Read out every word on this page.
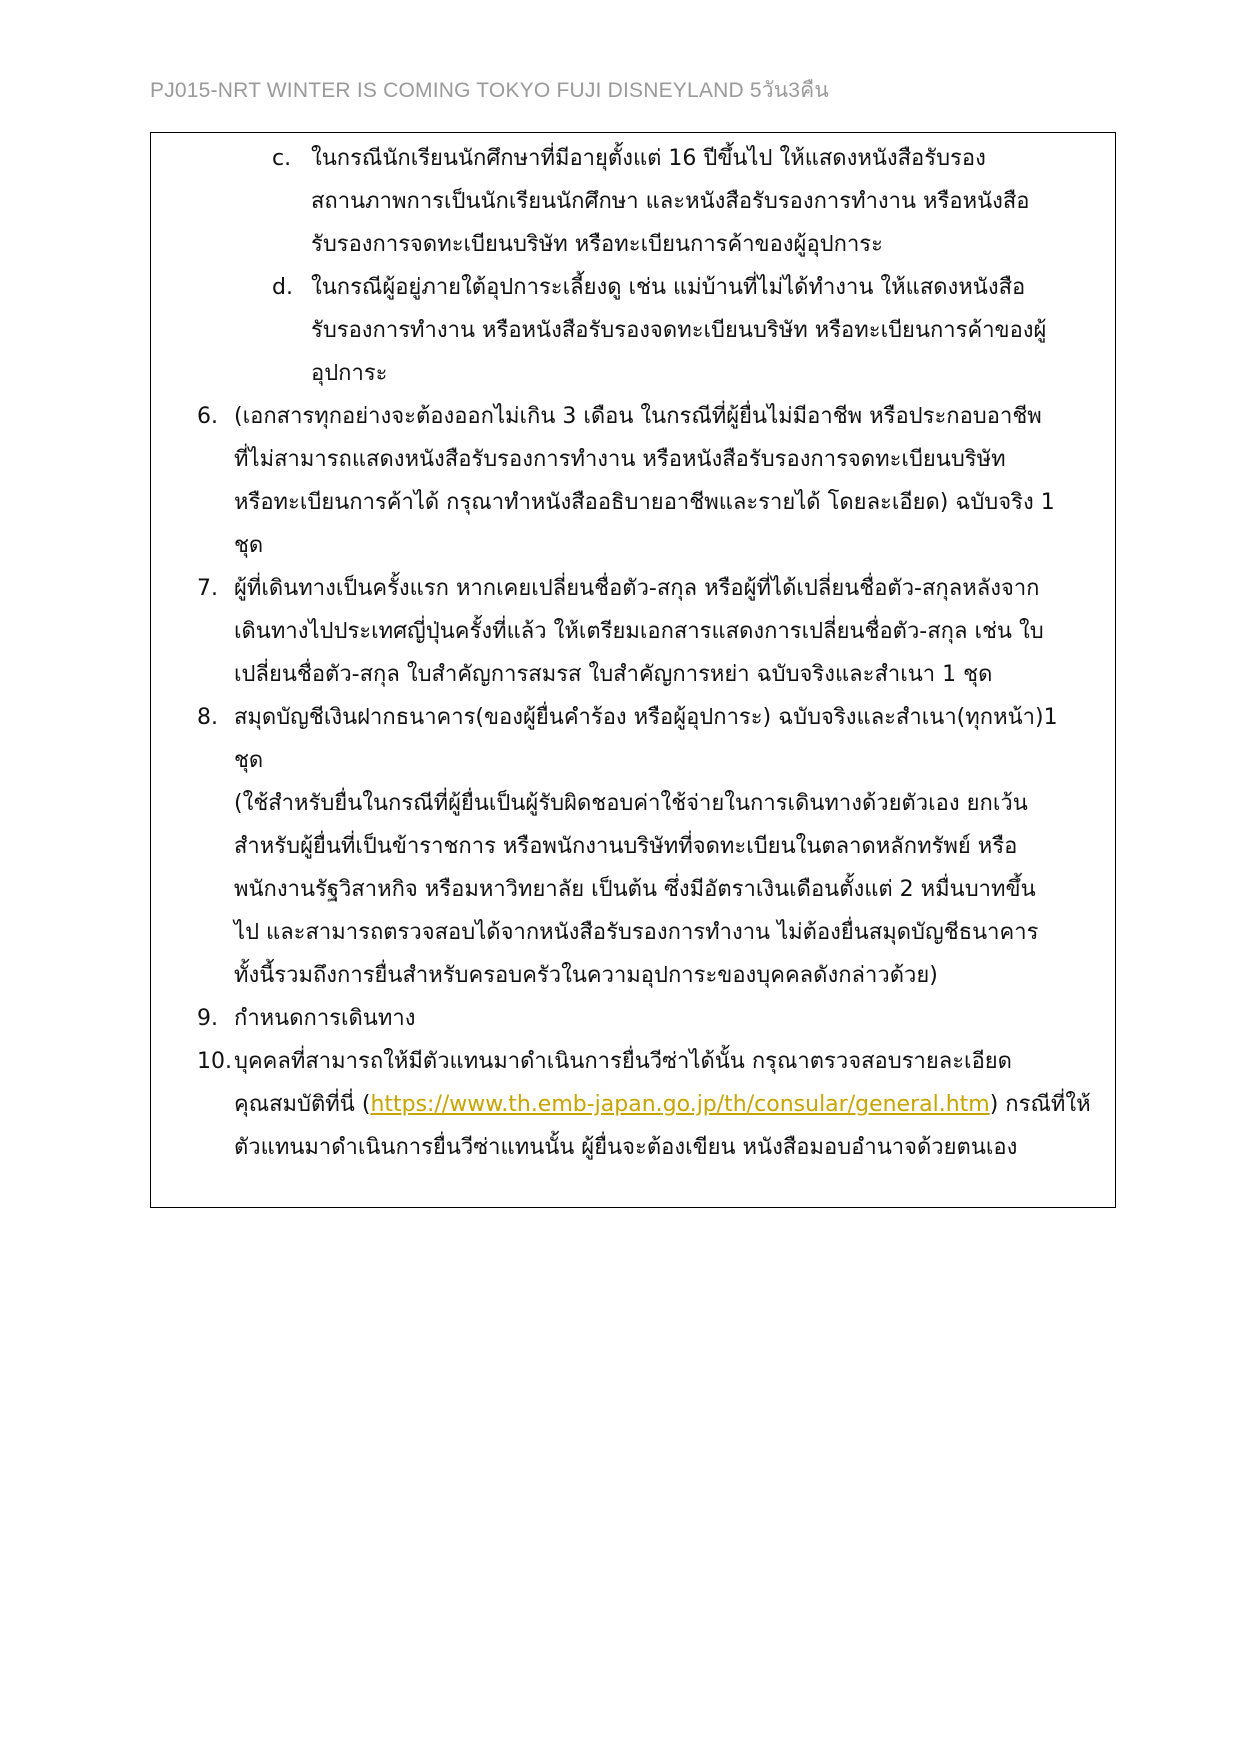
PJ015-NRT WINTER IS COMING TOKYO FUJI DISNEYLAND 5วัน3คืน
c. ในกรณีนักเรียนนักศึกษาที่มีอายุตั้งแต่ 16 ปีขึ้นไป ให้แสดงหนังสือรับรอง
สถานภาพการเป็นนักเรียนนักศึกษา และหนังสือรับรองการทำงาน หรือหนังสือ
รับรองการจดทะเบียนบริษัท หรือทะเบียนการค้าของผู้อุปการะ
d. ในกรณีผู้อยู่ภายใต้อุปการะเลี้ยงดู เช่น แม่บ้านที่ไม่ได้ทำงาน ให้แสดงหนังสือ
รับรองการทำงาน หรือหนังสือรับรองจดทะเบียนบริษัท หรือทะเบียนการค้าของผู้
อุปการะ
6. (เอกสารทุกอย่างจะต้องออกไม่เกิน 3 เดือน ในกรณีที่ผู้ยื่นไม่มีอาชีพ หรือประกอบอาชีพ
ที่ไม่สามารถแสดงหนังสือรับรองการทำงาน หรือหนังสือรับรองการจดทะเบียนบริษัท
หรือทะเบียนการค้าได้ กรุณาทำหนังสืออธิบายอาชีพและรายได้ โดยละเอียด) ฉบับจริง 1
ชุด
7. ผู้ที่เดินทางเป็นครั้งแรก หากเคยเปลี่ยนชื่อตัว-สกุล หรือผู้ที่ได้เปลี่ยนชื่อตัว-สกุลหลังจาก
เดินทางไปประเทศญี่ปุ่นครั้งที่แล้ว ให้เตรียมเอกสารแสดงการเปลี่ยนชื่อตัว-สกุล เช่น ใบ
เปลี่ยนชื่อตัว-สกุล ใบสำคัญการสมรส ใบสำคัญการหย่า ฉบับจริงและสำเนา 1 ชุด
8. สมุดบัญชีเงินฝากธนาคาร(ของผู้ยื่นคำร้อง หรือผู้อุปการะ) ฉบับจริงและสำเนา(ทุกหน้า)1
ชุด
(ใช้สำหรับยื่นในกรณีที่ผู้ยื่นเป็นผู้รับผิดชอบค่าใช้จ่ายในการเดินทางด้วยตัวเอง ยกเว้น
สำหรับผู้ยื่นที่เป็นข้าราชการ หรือพนักงานบริษัทที่จดทะเบียนในตลาดหลักทรัพย์ หรือ
พนักงานรัฐวิสาหกิจ หรือมหาวิทยาลัย เป็นต้น ซึ่งมีอัตราเงินเดือนตั้งแต่ 2 หมื่นบาทขึ้น
ไป และสามารถตรวจสอบได้จากหนังสือรับรองการทำงาน ไม่ต้องยื่นสมุดบัญชีธนาคาร
ทั้งนี้รวมถึงการยื่นสำหรับครอบครัวในความอุปการะของบุคคลดังกล่าวด้วย)
9. กำหนดการเดินทาง
10. บุคคลที่สามารถให้มีตัวแทนมาดำเนินการยื่นวีซ่าได้นั้น กรุณาตรวจสอบรายละเอียด
คุณสมบัติที่นี่ (https://www.th.emb-japan.go.jp/th/consular/general.htm) กรณีที่ให้
ตัวแทนมาดำเนินการยื่นวีซ่าแทนนั้น ผู้ยื่นจะต้องเขียน หนังสือมอบอำนาจด้วยตนเอง
